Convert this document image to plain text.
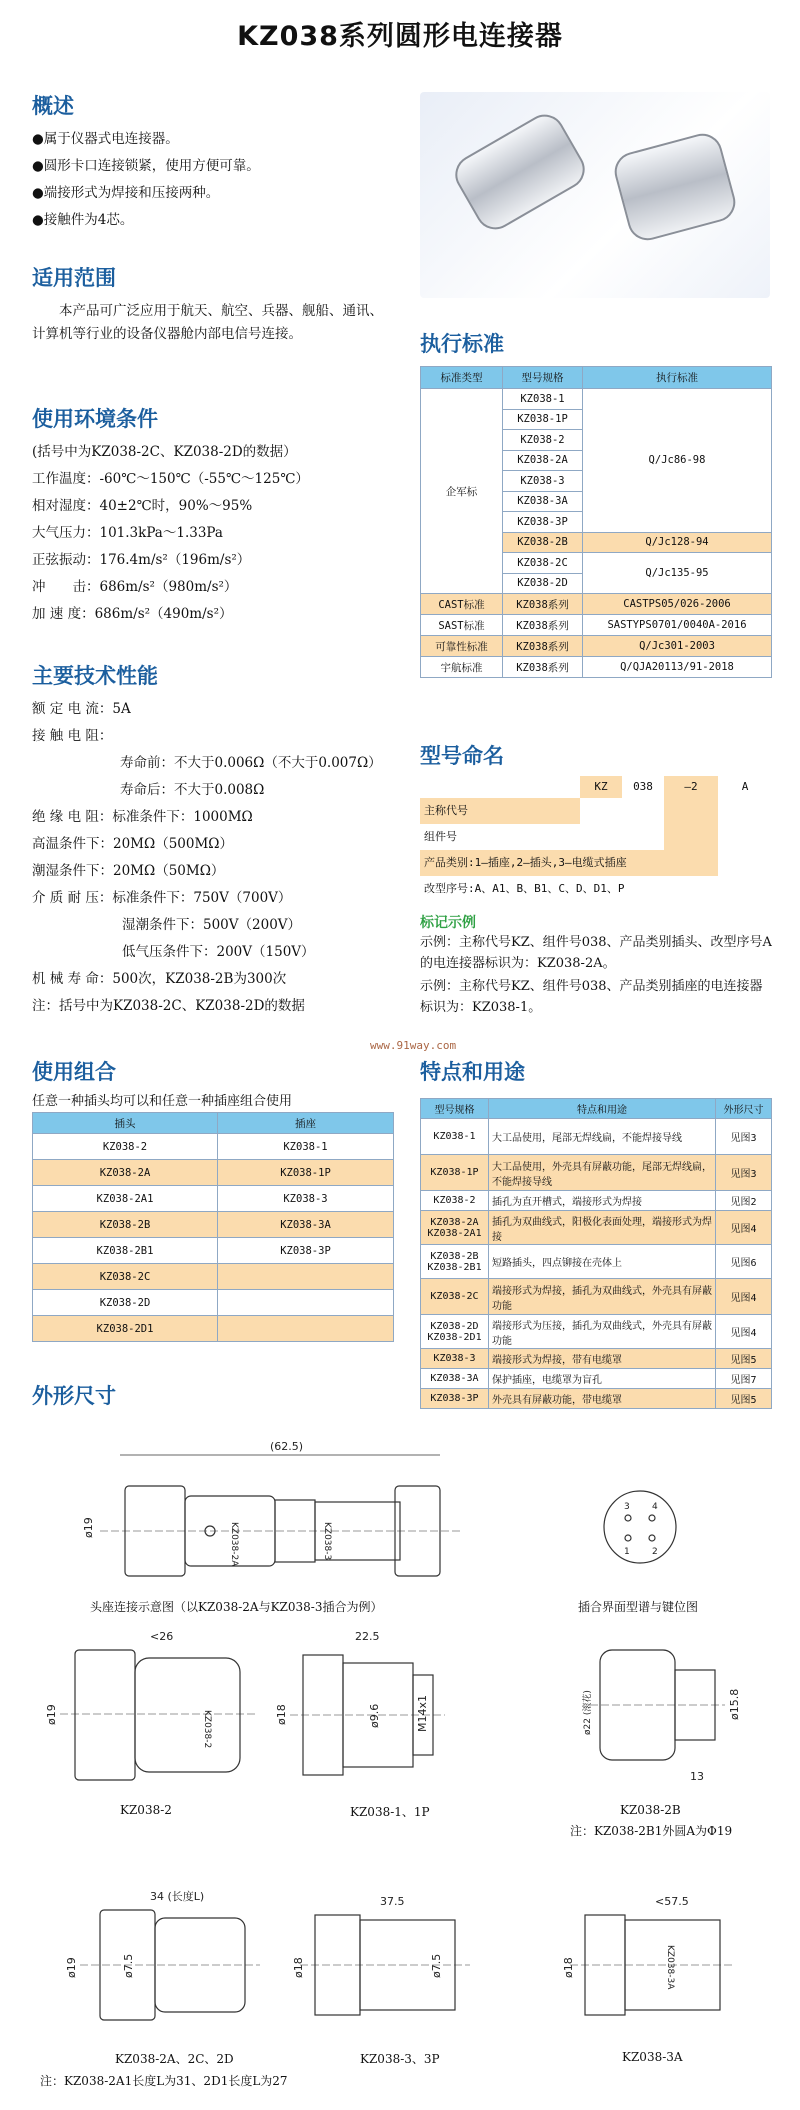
KZ038系列圆形电连接器
概述
●属于仪器式电连接器。
●圆形卡口连接锁紧，使用方便可靠。
●端接形式为焊接和压接两种。
●接触件为4芯。
适用范围
本产品可广泛应用于航天、航空、兵器、舰船、通讯、计算机等行业的设备仪器舱内部电信号连接。
使用环境条件
(括号中为KZ038-2C、KZ038-2D的数据）
工作温度：-60℃～150℃（-55℃～125℃）
相对湿度：40±2℃时，90%～95%
大气压力：101.3kPa～1.33Pa
正弦振动：176.4m/s²（196m/s²）
冲　　击：686m/s²（980m/s²）
加 速 度：686m/s²（490m/s²）
主要技术性能
额 定 电 流：5A
接 触 电 阻：
寿命前：不大于0.006Ω（不大于0.007Ω）
寿命后：不大于0.008Ω
绝 缘 电 阻：标准条件下：1000MΩ
高温条件下：20MΩ（500MΩ）
潮湿条件下：20MΩ（50MΩ）
介 质 耐 压：标准条件下：750V（700V）
湿潮条件下：500V（200V）
低气压条件下：200V（150V）
机 械 寿 命：500次，KZ038-2B为300次
注：括号中为KZ038-2C、KZ038-2D的数据
执行标准
标准类型	型号规格	执行标准
企军标	KZ038-1	Q/Jc86-98
	KZ038-1P	
	KZ038-2	
	KZ038-2A	
	KZ038-3	
	KZ038-3A	
	KZ038-3P	
	KZ038-2B	Q/Jc128-94
	KZ038-2C	Q/Jc135-95
	KZ038-2D	
CAST标准	KZ038系列	CASTPS05/026-2006
SAST标准	KZ038系列	SASTYPS0701/0040A-2016
可靠性标准	KZ038系列	Q/Jc301-2003
宇航标准	KZ038系列	Q/QJA20113/91-2018
型号命名
KZ	038	—2	A
主称代号
组件号
产品类别:1—插座,2—插头,3—电缆式插座
改型序号:A、A1、B、B1、C、D、D1、P
标记示例
示例：主称代号KZ、组件号038、产品类别插头、改型序号A的电连接器标识为：KZ038-2A。
示例：主称代号KZ、组件号038、产品类别插座的电连接器标识为：KZ038-1。
www.91way.com
使用组合
任意一种插头均可以和任意一种插座组合使用
插头	插座
KZ038-2	KZ038-1
KZ038-2A	KZ038-1P
KZ038-2A1	KZ038-3
KZ038-2B	KZ038-3A
KZ038-2B1	KZ038-3P
KZ038-2C	
KZ038-2D	
KZ038-2D1	
特点和用途
型号规格	特点和用途	外形尺寸
KZ038-1	大工品使用，尾部无焊线扁，不能焊接导线	见图3
KZ038-1P	大工品使用，外壳具有屏蔽功能，尾部无焊线扁，不能焊接导线	见图3
KZ038-2	插孔为直开槽式，端接形式为焊接	见图2
KZ038-2A
KZ038-2A1	插孔为双曲线式，阳极化表面处理，端接形式为焊接	见图4
KZ038-2B
KZ038-2B1	短路插头，四点铆接在壳体上	见图6
KZ038-2C	端接形式为焊接，插孔为双曲线式，外壳具有屏蔽功能	见图4
KZ038-2D
KZ038-2D1	端接形式为压接，插孔为双曲线式，外壳具有屏蔽功能	见图4
KZ038-3	端接形式为焊接，带有电缆罩	见图5
KZ038-3A	保护插座，电缆罩为盲孔	见图7
KZ038-3P	外壳具有屏蔽功能，带电缆罩	见图5
外形尺寸
(62.5)
ø19	KZ038-2A	KZ038-3
3 4
1 2
<26
ø19	KZ038-2
22.5
ø18	ø9.6	M14x1	ø22 (滚花)	ø15.8
13
34 (长度L)
ø19	ø7.5
37.5
ø18	ø7.5
<57.5
ø18	KZ038-3A
头座连接示意图（以KZ038-2A与KZ038-3插合为例）	插合界面型谱与键位图
KZ038-2	KZ038-1、1P	KZ038-2B
注：KZ038-2B1外圆A为Φ19
KZ038-2A、2C、2D	KZ038-3、3P	KZ038-3A
注：KZ038-2A1长度L为31、2D1长度L为27
